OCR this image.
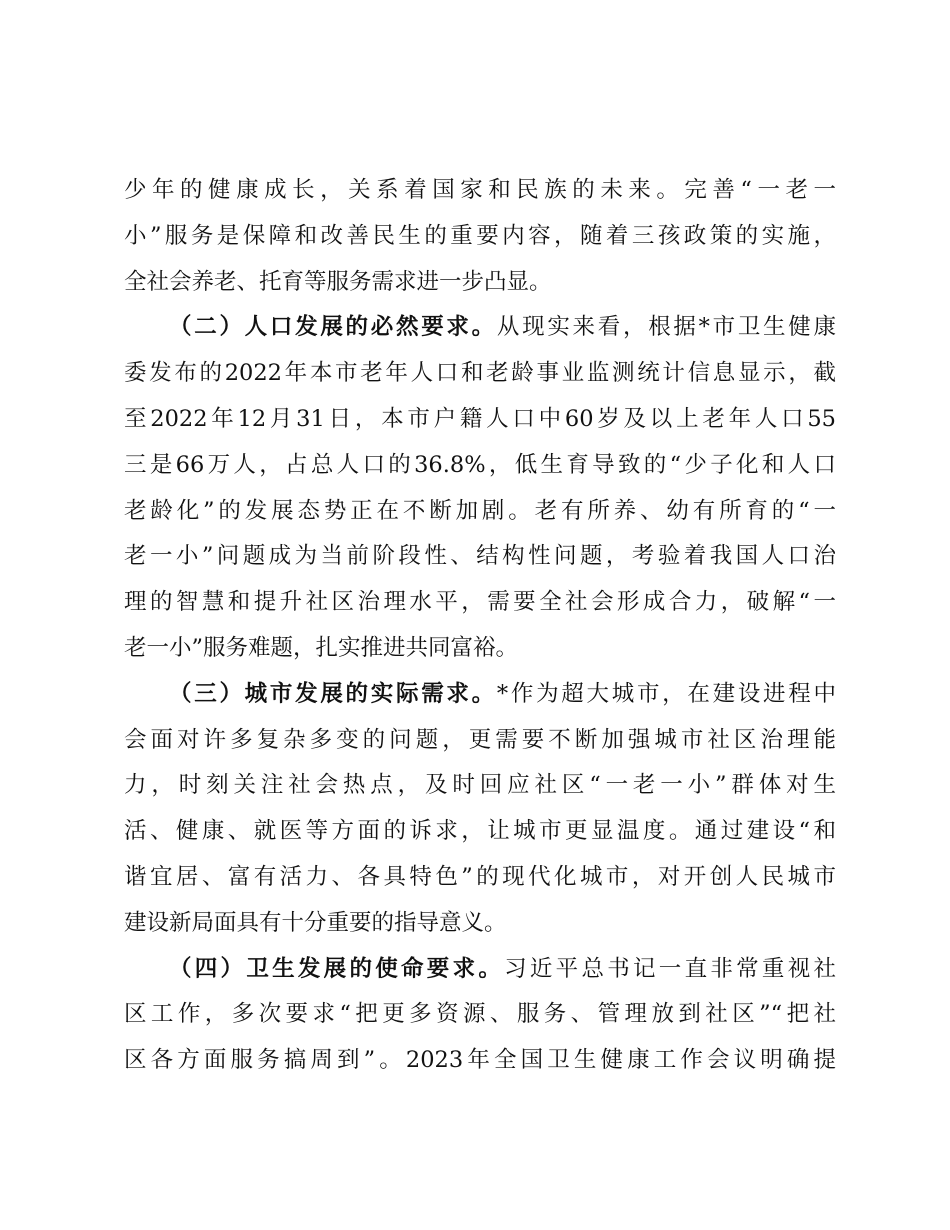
少年的健康成长，关系着国家和民族的未来。完善“一老一
小”服务是保障和改善民生的重要内容，随着三孩政策的实施，
全社会养老、托育等服务需求进一步凸显。
（二）人口发展的必然要求。从现实来看，根据*市卫生健康
委发布的2022年本市老年人口和老龄事业监测统计信息显示，截
至2022年12月31日，本市户籍人口中60岁及以上老年人口55
三是66万人，占总人口的36.8%，低生育导致的“少子化和人口
老龄化”的发展态势正在不断加剧。老有所养、幼有所育的“一
老一小”问题成为当前阶段性、结构性问题，考验着我国人口治
理的智慧和提升社区治理水平，需要全社会形成合力，破解“一
老一小”服务难题，扎实推进共同富裕。
（三）城市发展的实际需求。*作为超大城市，在建设进程中
会面对许多复杂多变的问题，更需要不断加强城市社区治理能
力，时刻关注社会热点，及时回应社区“一老一小”群体对生
活、健康、就医等方面的诉求，让城市更显温度。通过建设“和
谐宜居、富有活力、各具特色”的现代化城市，对开创人民城市
建设新局面具有十分重要的指导意义。
（四）卫生发展的使命要求。习近平总书记一直非常重视社
区工作，多次要求“把更多资源、服务、管理放到社区”“把社
区各方面服务搞周到”。2023年全国卫生健康工作会议明确提
